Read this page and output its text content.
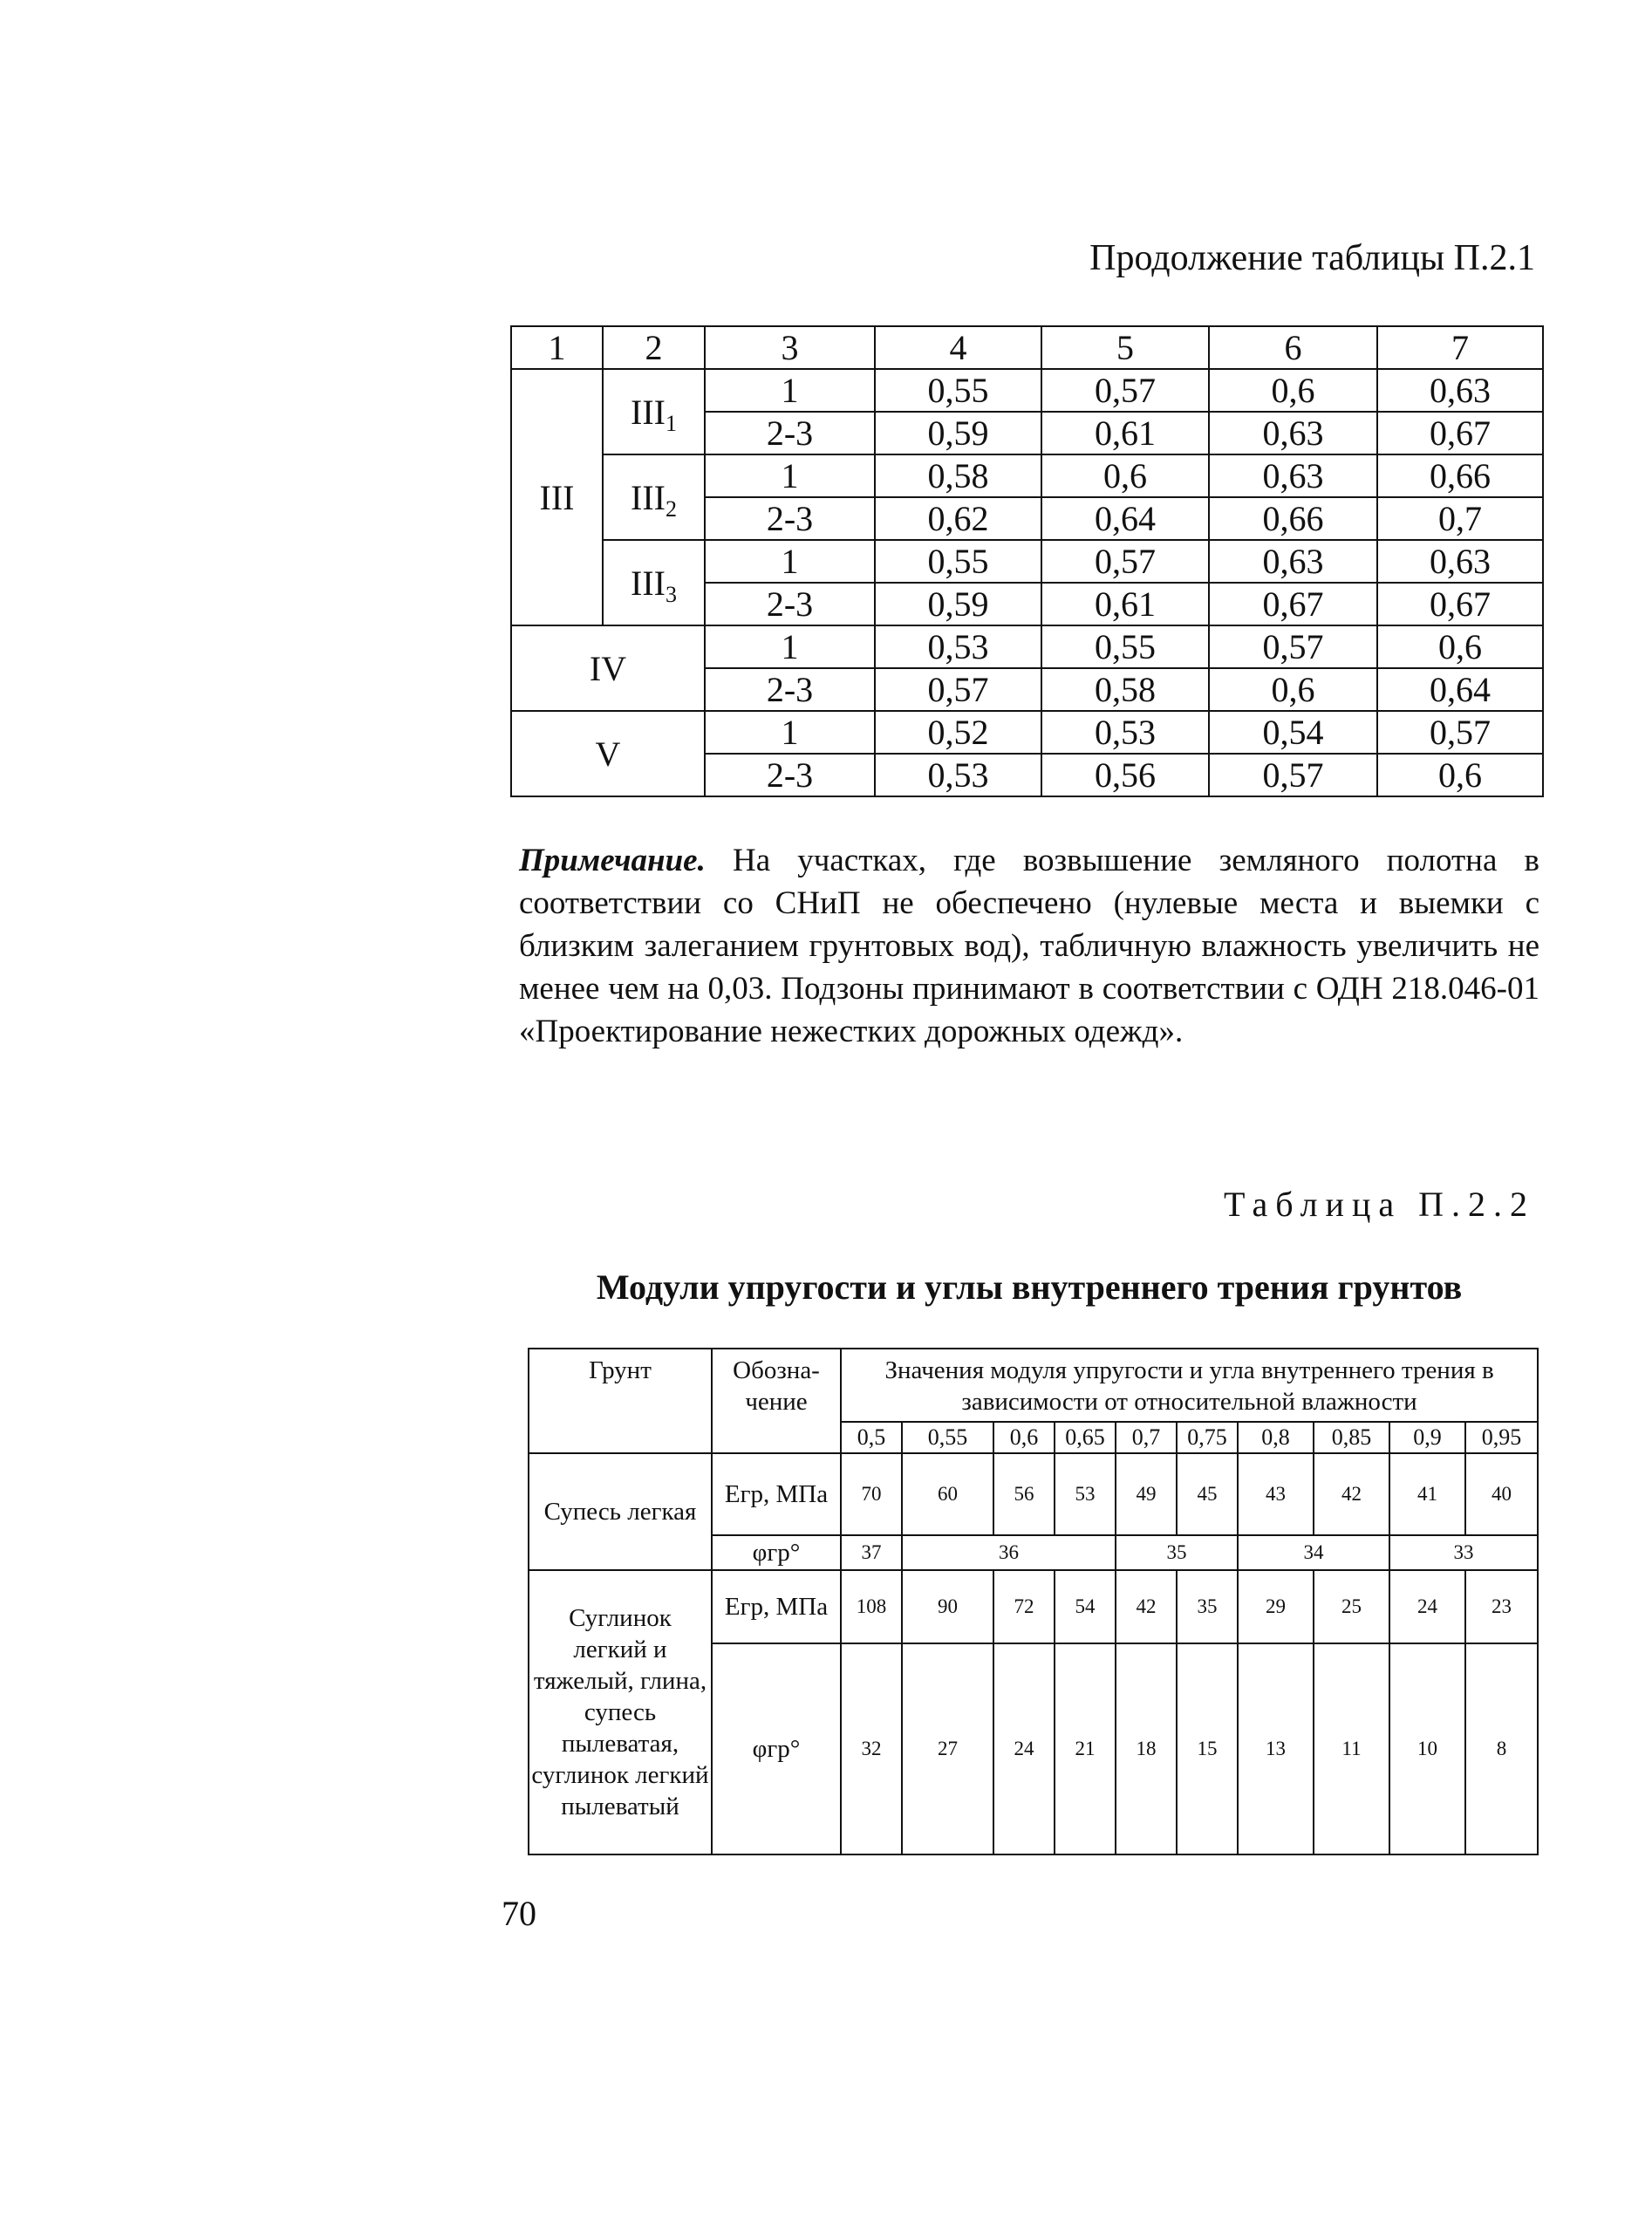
Продолжение таблицы П.2.1
1	2	3	4	5	6	7
III	$III_1$	1	0,55	0,57	0,6	0,63
		2-3	0,59	0,61	0,63	0,67
	$III_2$	1	0,58	0,6	0,63	0,66
		2-3	0,62	0,64	0,66	0,7
	$III_3$	1	0,55	0,57	0,63	0,63
		2-3	0,59	0,61	0,67	0,67
IV		1	0,53	0,55	0,57	0,6
		2-3	0,57	0,58	0,6	0,64
V		1	0,52	0,53	0,54	0,57
		2-3	0,53	0,56	0,57	0,6
Примечание. На участках, где возвышение земляного полотна в соответствии со СНиП не обеспечено (нулевые места и выемки с близким залеганием грунтовых вод), табличную влажность увеличить не менее чем на 0,03. Подзоны принимают в соответствии с ОДН 218.046-01 «Проектирование нежестких дорожных одежд».
Таблица П.2.2
Модули упругости и углы внутреннего трения грунтов
Грунт	Обозна-чение	Значения модуля упругости и угла внутреннего трения в зависимости от относительной влажности									
		0,5	0,55	0,6	0,65	0,7	0,75	0,8	0,85	0,9	0,95
Супесь легкая	Егр, МПа	70	60	56	53	49	45	43	42	41	40
	φгр°	37	36			35		34		33	
Суглинок легкий и тяжелый, глина, супесь пылеватая, суглинок легкий пылеватый	Егр, МПа	108	90	72	54	42	35	29	25	24	23
	φгр°	32	27	24	21	18	15	13	11	10	8
70
